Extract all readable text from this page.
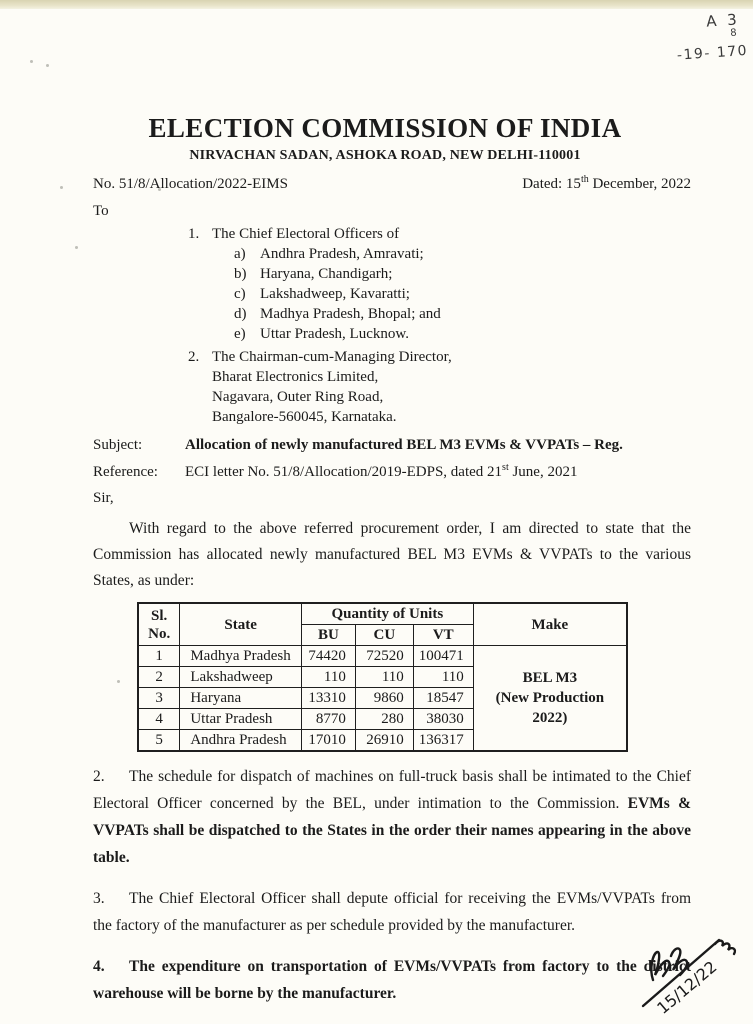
A 3
8
-19- 170
ELECTION COMMISSION OF INDIA
NIRVACHAN SADAN, ASHOKA ROAD, NEW DELHI-110001
No. 51/8/Allocation/2022-EIMS	Dated: 15th December, 2022
To
1. The Chief Electoral Officers of
a) Andhra Pradesh, Amravati;
b) Haryana, Chandigarh;
c) Lakshadweep, Kavaratti;
d) Madhya Pradesh, Bhopal; and
e) Uttar Pradesh, Lucknow.
2. The Chairman-cum-Managing Director,
Bharat Electronics Limited,
Nagavara, Outer Ring Road,
Bangalore-560045, Karnataka.
Subject:	Allocation of newly manufactured BEL M3 EVMs & VVPATs – Reg.
Reference:	ECI letter No. 51/8/Allocation/2019-EDPS, dated 21st June, 2021
Sir,

With regard to the above referred procurement order, I am directed to state that the Commission has allocated newly manufactured BEL M3 EVMs & VVPATs to the various States, as under:

Sl.
No.	State	Quantity of Units			Make
		BU	CU	VT	
1	Madhya Pradesh	74420	72520	100471	BEL M3
(New Production 2022)

2	Lakshadweep	110	110	110	
3	Haryana	13310	9860	18547	
4	Uttar Pradesh	8770	280	38030	
5	Andhra Pradesh	17010	26910	136317	

2. The schedule for dispatch of machines on full-truck basis shall be intimated to the Chief Electoral Officer concerned by the BEL, under intimation to the Commission. EVMs & VVPATs shall be dispatched to the States in the order their names appearing in the above table.

3. The Chief Electoral Officer shall depute official for receiving the EVMs/VVPATs from the factory of the manufacturer as per schedule provided by the manufacturer.

4. The expenditure on transportation of EVMs/VVPATs from factory to the district warehouse will be borne by the manufacturer.	15/12/22
